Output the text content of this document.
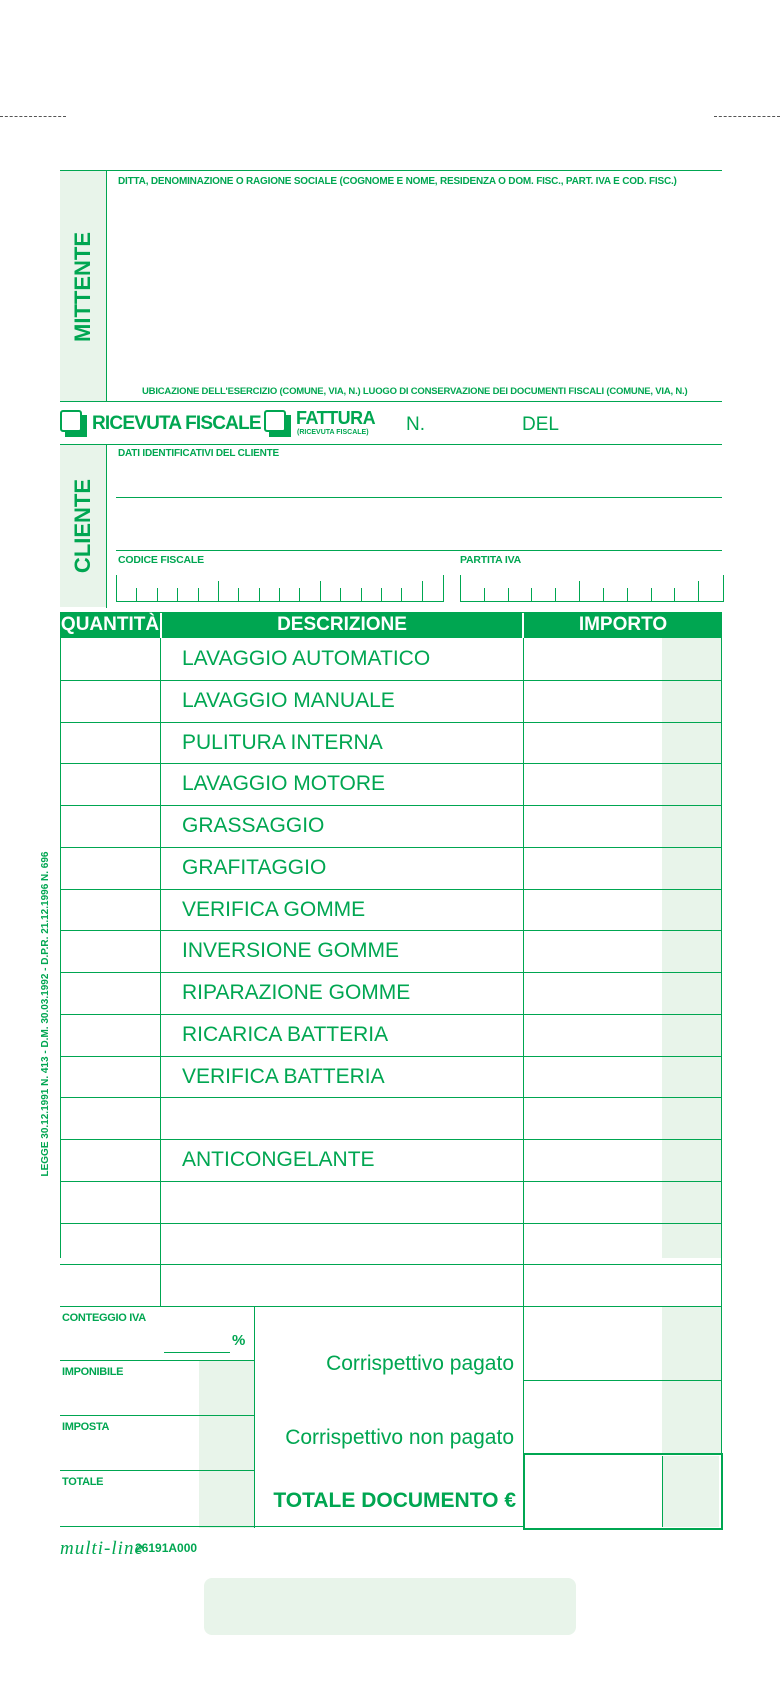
MITTENTE
DITTA, DENOMINAZIONE O RAGIONE SOCIALE (COGNOME E NOME, RESIDENZA O DOM. FISC., PART. IVA E COD. FISC.)
UBICAZIONE DELL'ESERCIZIO (COMUNE, VIA, N.) LUOGO DI CONSERVAZIONE DEI DOCUMENTI FISCALI (COMUNE, VIA, N.)
RICEVUTA FISCALE FATTURA
(RICEVUTA FISCALE) N.	DEL
CLIENTE
DATI IDENTIFICATIVI DEL CLIENTE
CODICE FISCALE	PARTITA IVA
QUANTITÀ	DESCRIZIONE	IMPORTO
LAVAGGIO AUTOMATICO
LAVAGGIO MANUALE
PULITURA INTERNA
LAVAGGIO MOTORE
GRASSAGGIO
GRAFITAGGIO
VERIFICA GOMME
INVERSIONE GOMME
RIPARAZIONE GOMME
RICARICA BATTERIA
VERIFICA BATTERIA
ANTICONGELANTE
LEGGE 30.12.1991 N. 413 - D.M. 30.03.1992 - D.P.R. 21.12.1996 N. 696
CONTEGGIO IVA
%
IMPONIBILE
IMPOSTA
TOTALE
Corrispettivo pagato
Corrispettivo non pagato
TOTALE DOCUMENTO €
multi-line
26191A000
